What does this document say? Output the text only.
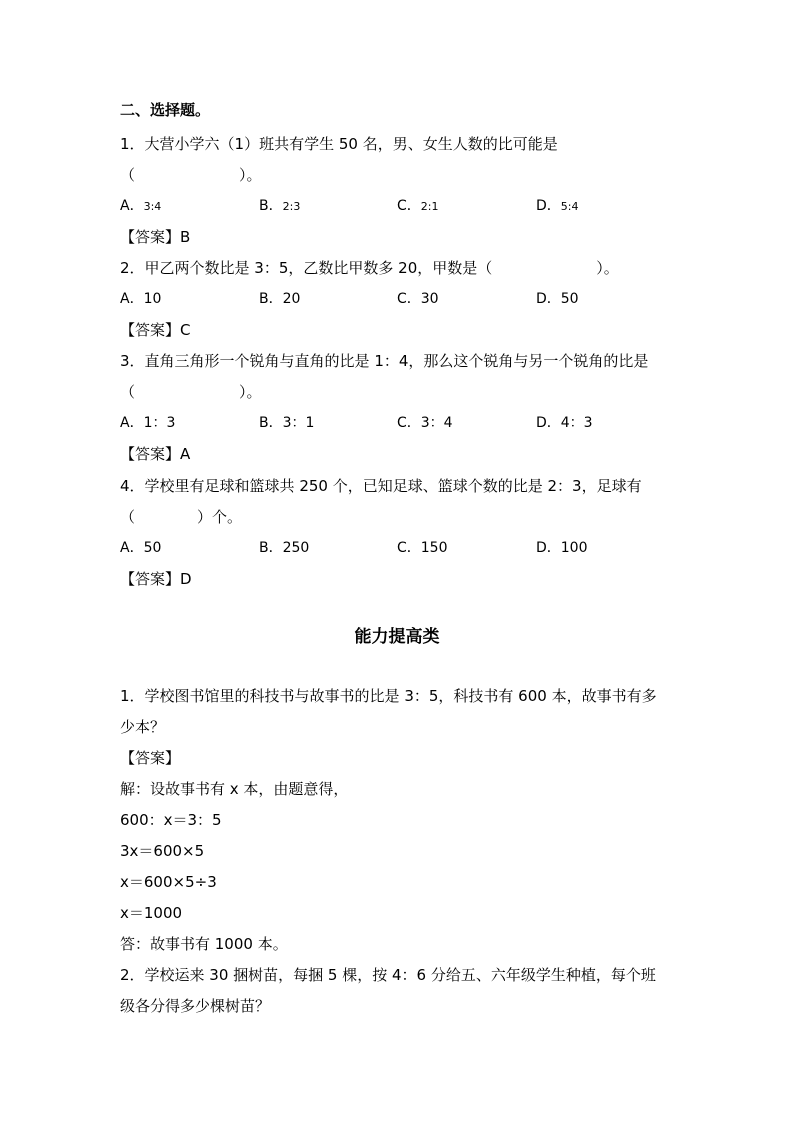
二、选择题。
1．大营小学六（1）班共有学生 50 名，男、女生人数的比可能是
（	）。
A．3:4	B．2:3	C．2:1	D．5:4
【答案】B
2．甲乙两个数比是 3：5，乙数比甲数多 20，甲数是（	）。
A．10	B．20	C．30	D．50
【答案】C
3．直角三角形一个锐角与直角的比是 1：4，那么这个锐角与另一个锐角的比是
（	）。
A．1：3	B．3：1	C．3：4	D．4：3
【答案】A
4．学校里有足球和篮球共 250 个，已知足球、篮球个数的比是 2：3，足球有
（	）个。
A．50	B．250	C．150	D．100
【答案】D
能力提高类
1．学校图书馆里的科技书与故事书的比是 3：5，科技书有 600 本，故事书有多
少本？
【答案】
解：设故事书有 x 本，由题意得，
600：x＝3：5
3x＝600×5
x＝600×5÷3
x＝1000
答：故事书有 1000 本。
2．学校运来 30 捆树苗，每捆 5 棵，按 4：6 分给五、六年级学生种植，每个班
级各分得多少棵树苗？
